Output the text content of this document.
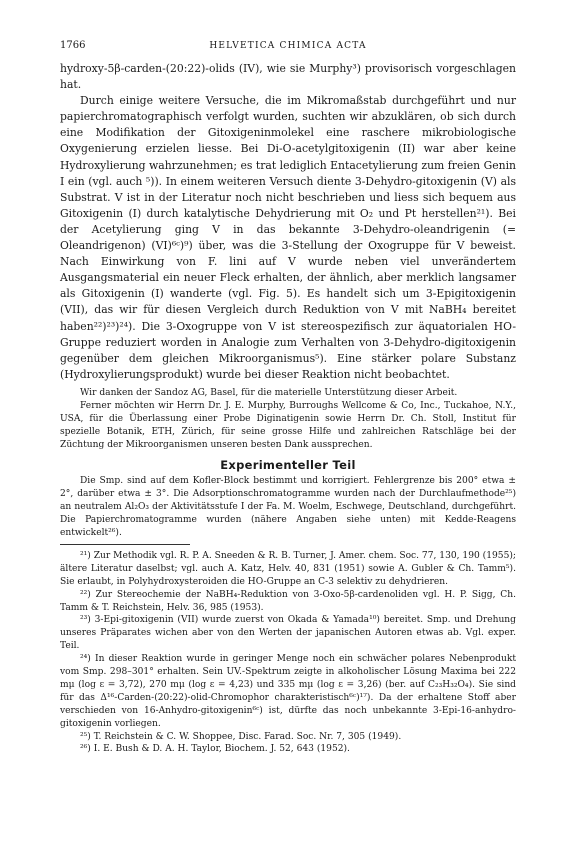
1766	HELVETICA CHIMICA ACTA

hydroxy-5β-carden-(20:22)-olids (IV), wie sie Murphy³) provisorisch vorgeschlagen hat.

Durch einige weitere Versuche, die im Mikromaßstab durchgeführt und nur papierchromatographisch verfolgt wurden, suchten wir abzuklären, ob sich durch eine Modifikation der Gitoxigeninmolekel eine raschere mikrobiologische Oxygenierung erzielen liesse. Bei Di-O-acetylgitoxigenin (II) war aber keine Hydroxylierung wahrzunehmen; es trat lediglich Entacetylierung zum freien Genin I ein (vgl. auch ⁵)). In einem weiteren Versuch diente 3-Dehydro-gitoxigenin (V) als Substrat. V ist in der Literatur noch nicht beschrieben und liess sich bequem aus Gitoxigenin (I) durch katalytische Dehydrierung mit O₂ und Pt herstellen²¹). Bei der Acetylierung ging V in das bekannte 3-Dehydro-oleandrigenin (= Oleandrigenon) (VI)⁶ᶜ)⁹) über, was die 3-Stellung der Oxogruppe für V beweist. Nach Einwirkung von F. lini auf V wurde neben viel unverändertem Ausgangsmaterial ein neuer Fleck erhalten, der ähnlich, aber merklich langsamer als Gitoxigenin (I) wanderte (vgl. Fig. 5). Es handelt sich um 3-Epigitoxigenin (VII), das wir für diesen Vergleich durch Reduktion von V mit NaBH₄ bereitet haben²²)²³)²⁴). Die 3-Oxogruppe von V ist stereospezifisch zur äquatorialen HO-Gruppe reduziert worden in Analogie zum Verhalten von 3-Dehydro-digitoxigenin gegenüber dem gleichen Mikroorganismus⁵). Eine stärker polare Substanz (Hydroxylierungsprodukt) wurde bei dieser Reaktion nicht beobachtet.

Wir danken der Sandoz AG, Basel, für die materielle Unterstützung dieser Arbeit.

Ferner möchten wir Herrn Dr. J. E. Murphy, Burroughs Wellcome & Co, Inc., Tuckahoe, N.Y., USA, für die Überlassung einer Probe Diginatigenin sowie Herrn Dr. Ch. Stoll, Institut für spezielle Botanik, ETH, Zürich, für seine grosse Hilfe und zahlreichen Ratschläge bei der Züchtung der Mikroorganismen unseren besten Dank aussprechen.

Experimenteller Teil

Die Smp. sind auf dem Kofler-Block bestimmt und korrigiert. Fehlergrenze bis 200° etwa ± 2°, darüber etwa ± 3°. Die Adsorptionschromatogramme wurden nach der Durchlaufmethode²⁵) an neutralem Al₂O₃ der Aktivitätsstufe I der Fa. M. Woelm, Eschwege, Deutschland, durchgeführt. Die Papierchromatogramme wurden (nähere Angaben siehe unten) mit Kedde-Reagens entwickelt²⁶).

²¹) Zur Methodik vgl. R. P. A. Sneeden & R. B. Turner, J. Amer. chem. Soc. 77, 130, 190 (1955); ältere Literatur daselbst; vgl. auch A. Katz, Helv. 40, 831 (1951) sowie A. Gubler & Ch. Tamm⁵). Sie erlaubt, in Polyhydroxysteroiden die HO-Gruppe an C-3 selektiv zu dehydrieren.

²²) Zur Stereochemie der NaBH₄-Reduktion von 3-Oxo-5β-cardenoliden vgl. H. P. Sigg, Ch. Tamm & T. Reichstein, Helv. 36, 985 (1953).

²³) 3-Epi-gitoxigenin (VII) wurde zuerst von Okada & Yamada¹⁰) bereitet. Smp. und Drehung unseres Präparates wichen aber von den Werten der japanischen Autoren etwas ab. Vgl. exper. Teil.

²⁴) In dieser Reaktion wurde in geringer Menge noch ein schwächer polares Nebenprodukt vom Smp. 298–301° erhalten. Sein UV.-Spektrum zeigte in alkoholischer Lösung Maxima bei 222 mμ (log ε = 3,72), 270 mμ (log ε = 4,23) und 335 mμ (log ε = 3,26) (ber. auf C₂₃H₃₂O₄). Sie sind für das Δ¹⁶-Carden-(20:22)-olid-Chromophor charakteristisch⁶ᶜ)¹⁷). Da der erhaltene Stoff aber verschieden von 16-Anhydro-gitoxigenin⁶ᶜ) ist, dürfte das noch unbekannte 3-Epi-16-anhydro-gitoxigenin vorliegen.

²⁵) T. Reichstein & C. W. Shoppee, Disc. Farad. Soc. Nr. 7, 305 (1949).

²⁶) I. E. Bush & D. A. H. Taylor, Biochem. J. 52, 643 (1952).
